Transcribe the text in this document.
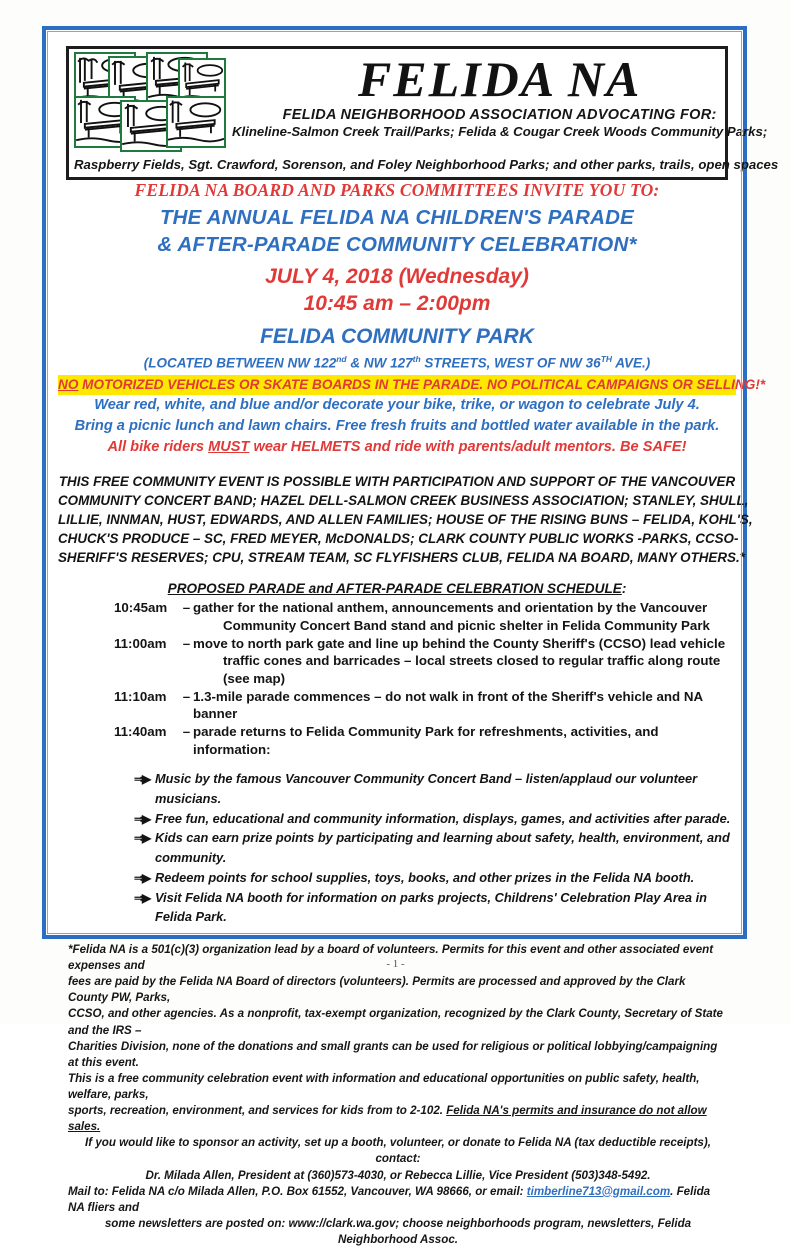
FELIDA NA
FELIDA NEIGHBORHOOD ASSOCIATION ADVOCATING FOR:
Klineline-Salmon Creek Trail/Parks; Felida & Cougar Creek Woods Community Parks;
Raspberry Fields, Sgt. Crawford, Sorenson, and Foley Neighborhood Parks; and other parks, trails, open spaces
FELIDA NA BOARD AND PARKS COMMITTEES INVITE YOU TO:
THE ANNUAL FELIDA NA CHILDREN'S PARADE
& AFTER-PARADE COMMUNITY CELEBRATION*
JULY 4, 2018 (Wednesday)
10:45 am – 2:00pm
FELIDA COMMUNITY PARK
(LOCATED BETWEEN NW 122nd & NW 127th STREETS, WEST OF NW 36TH AVE.)
NO MOTORIZED VEHICLES OR SKATE BOARDS IN THE PARADE. NO POLITICAL CAMPAIGNS OR SELLING!*
Wear red, white, and blue and/or decorate your bike, trike, or wagon to celebrate July 4.
Bring a picnic lunch and lawn chairs. Free fresh fruits and bottled water available in the park.
All bike riders MUST wear HELMETS and ride with parents/adult mentors. Be SAFE!
THIS FREE COMMUNITY EVENT IS POSSIBLE WITH PARTICIPATION AND SUPPORT OF THE VANCOUVER
COMMUNITY CONCERT BAND; HAZEL DELL-SALMON CREEK BUSINESS ASSOCIATION; STANLEY, SHULL,
LILLIE, INNMAN, HUST, EDWARDS, AND ALLEN FAMILIES; HOUSE OF THE RISING BUNS – FELIDA, KOHL'S,
CHUCK'S PRODUCE – SC, FRED MEYER, McDONALDS; CLARK COUNTY PUBLIC WORKS -PARKS, CCSO-
SHERIFF'S RESERVES; CPU, STREAM TEAM, SC FLYFISHERS CLUB, FELIDA NA BOARD, MANY OTHERS.*
PROPOSED PARADE and AFTER-PARADE CELEBRATION SCHEDULE:
10:45am	– gather for the national anthem, announcements and orientation by the Vancouver
Community Concert Band stand and picnic shelter in Felida Community Park
11:00am	– move to north park gate and line up behind the County Sheriff's (CCSO) lead vehicle
traffic cones and barricades – local streets closed to regular traffic along route (see map)
11:10am	– 1.3-mile parade commences – do not walk in front of the Sheriff's vehicle and NA banner
11:40am	– parade returns to Felida Community Park for refreshments, activities, and information:
⇒▶ Music by the famous Vancouver Community Concert Band – listen/applaud our volunteer musicians.
⇒▶ Free fun, educational and community information, displays, games, and activities after parade.
⇒▶ Kids can earn prize points by participating and learning about safety, health, environment, and community.
⇒▶ Redeem points for school supplies, toys, books, and other prizes in the Felida NA booth.
⇒▶ Visit Felida NA booth for information on parks projects, Childrens' Celebration Play Area in Felida Park.
*Felida NA is a 501(c)(3) organization lead by a board of volunteers. Permits for this event and other associated event expenses and
fees are paid by the Felida NA Board of directors (volunteers). Permits are processed and approved by the Clark County PW, Parks,
CCSO, and other agencies. As a nonprofit, tax-exempt organization, recognized by the Clark County, Secretary of State and the IRS –
Charities Division, none of the donations and small grants can be used for religious or political lobbying/campaigning at this event.
This is a free community celebration event with information and educational opportunities on public safety, health, welfare, parks,
sports, recreation, environment, and services for kids from to 2-102. Felida NA's permits and insurance do not allow sales.
If you would like to sponsor an activity, set up a booth, volunteer, or donate to Felida NA (tax deductible receipts), contact:
Dr. Milada Allen, President at (360)573-4030, or Rebecca Lillie, Vice President (503)348-5492.
Mail to: Felida NA c/o Milada Allen, P.O. Box 61552, Vancouver, WA 98666, or email: timberline713@gmail.com. Felida NA fliers and
some newsletters are posted on: www://clark.wa.gov; choose neighborhoods program, newsletters, Felida Neighborhood Assoc.
- 1 -
